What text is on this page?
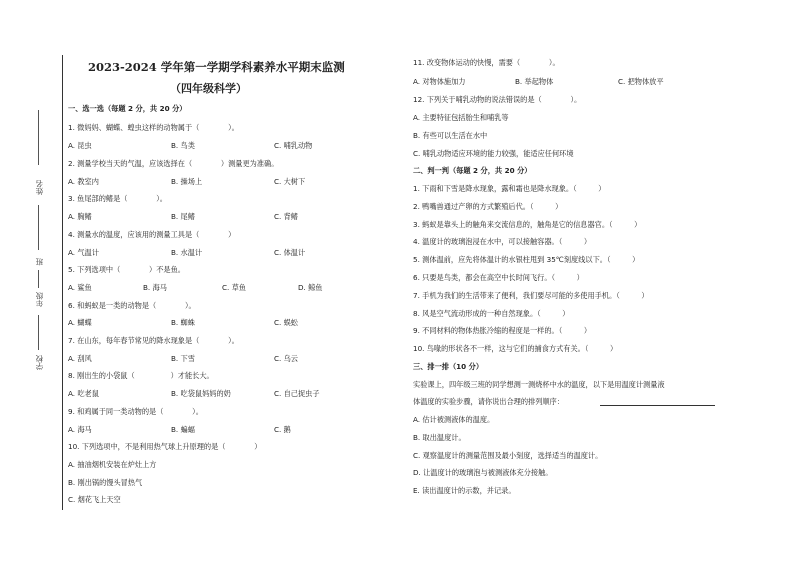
姓名
班
年级
学校
2023-2024 学年第一学期学科素养水平期末监测
（四年级科学）
一、选一选（每题 2 分，共 20 分）
1. 微妈妈、蝴蝶、蝗虫这样的动物属于（　　　　）。
A. 昆虫	B. 鸟类	C. 哺乳动物
2. 测量学校当天的气温，应该选择在（　　　　）测量更为准确。
A. 教室内	B. 操场上	C. 大树下
3. 鱼尾部的鳍是（　　　　）。
A. 胸鳍	B. 尾鳍	C. 背鳍
4. 测量水的温度，应该用的测量工具是（　　　　）
A. 气温计	B. 水温计	C. 体温计
5. 下列选项中（　　　　）不是鱼。
A. 鲨鱼	B. 海马	C. 草鱼	D. 鲸鱼
6. 和蚂蚁是一类的动物是（　　　　）。
A. 蝴蝶	B. 蜘蛛	C. 蜈蚣
7. 在山东，每年春节常见的降水现象是（　　　　）。
A. 刮风	B. 下雪	C. 乌云
8. 刚出生的小袋鼠（　　　　　）才能长大。
A. 吃老鼠	B. 吃袋鼠妈妈的奶	C. 自己捉虫子
9. 和鸡属于同一类动物的是（　　　　）。
A. 海马	B. 蝙蝠	C. 鹅
10. 下列选项中，不是利用热气球上升原理的是（　　　　）
A. 抽油烟机安装在炉灶上方
B. 刚出锅的馒头冒热气
C. 烟花飞上天空
11. 改变物体运动的快慢，需要（　　　　）。
A. 对物体施加力	B. 举起物体	C. 把物体放平
12. 下列关于哺乳动物的说法错误的是（　　　　）。
A. 主要特征包括胎生和哺乳等
B. 有些可以生活在水中
C. 哺乳动物适应环境的能力较强，能适应任何环境
二、判一判（每题 2 分，共 20 分）
1. 下雨和下雪是降水现象，露和霜也是降水现象。（　　　）
2. 鸭嘴兽通过产卵的方式繁殖后代。（　　　）
3. 蚂蚁是靠头上的触角来交流信息的，触角是它的信息器官。（　　　）
4. 温度计的玻璃泡浸在水中，可以接触容器。（　　　）
5. 测体温前，应先将体温计的水银柱甩到 35℃刻度线以下。（　　　）
6. 只要是鸟类，都会在高空中长时间飞行。（　　　）
7. 手机为我们的生活带来了便利，我们要尽可能的多使用手机。（　　　）
8. 风是空气流动形成的一种自然现象。（　　　）
9. 不同材料的物体热胀冷缩的程度是一样的。（　　　）
10. 鸟喙的形状各不一样，这与它们的捕食方式有关。（　　　）
三、排一排（10 分）
实验课上，四年级三班的同学想测一测烧杯中水的温度，以下是用温度计测量液
体温度的实验步骤，请你说出合理的排列顺序：
A. 估计被测液体的温度。
B. 取出温度计。
C. 观察温度计的测量范围及最小刻度，选择适当的温度计。
D. 让温度计的玻璃泡与被测液体充分接触。
E. 读出温度计的示数，并记录。
